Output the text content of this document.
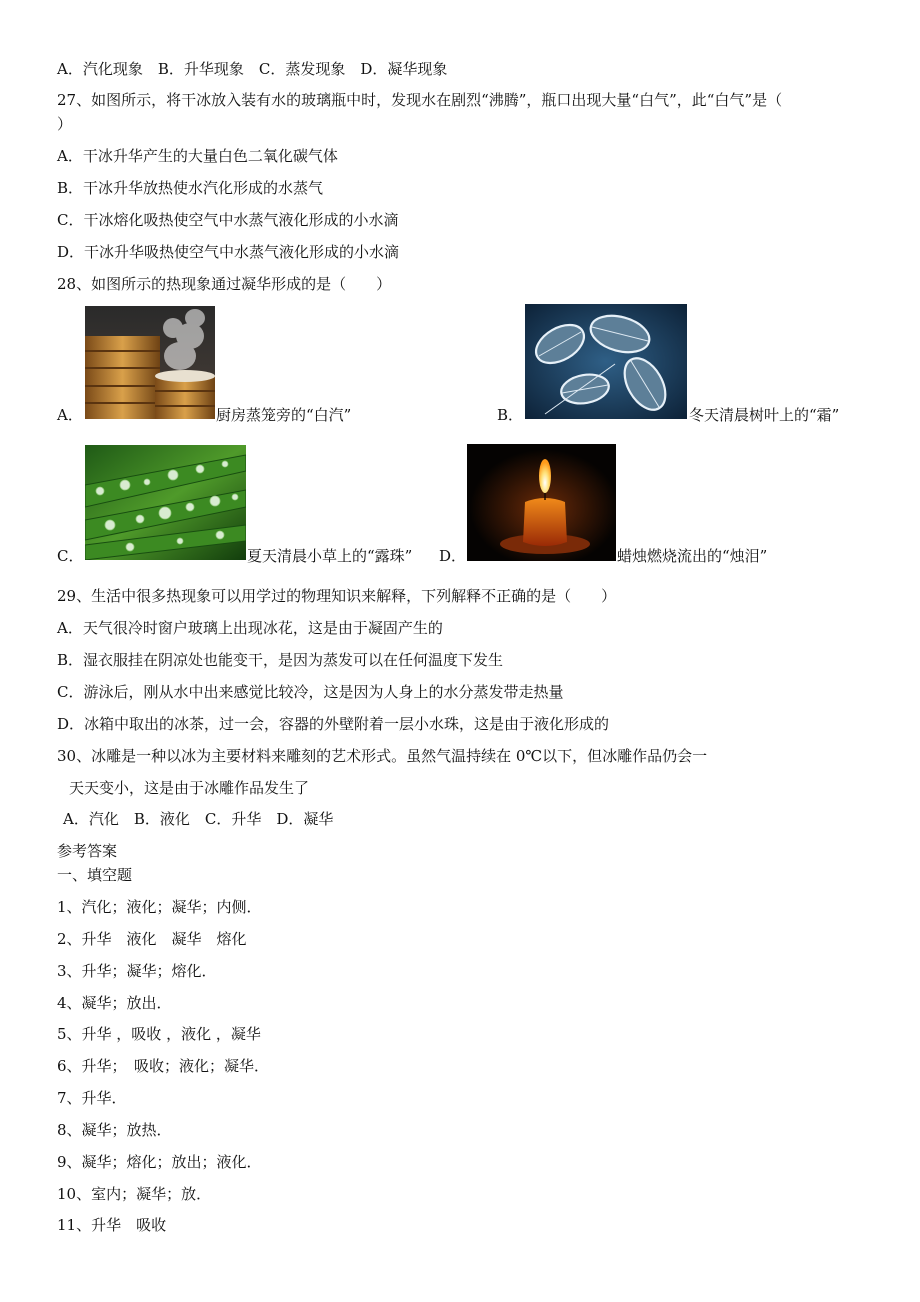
A．汽化现象　B．升华现象　C．蒸发现象　D．凝华现象
27、如图所示，将干冰放入装有水的玻璃瓶中时，发现水在剧烈“沸腾”，瓶口出现大量“白气”，此“白气”是（
）
A．干冰升华产生的大量白色二氧化碳气体
B．干冰升华放热使水汽化形成的水蒸气
C．干冰熔化吸热使空气中水蒸气液化形成的小水滴
D．干冰升华吸热使空气中水蒸气液化形成的小水滴
28、如图所示的热现象通过凝华形成的是（　　）
A．	厨房蒸笼旁的“白汽”	B．	冬天清晨树叶上的“霜”
C．	夏天清晨小草上的“露珠” D．	蜡烛燃烧流出的“烛泪”
29、生活中很多热现象可以用学过的物理知识来解释，下列解释不正确的是（　　）
A．天气很冷时窗户玻璃上出现冰花，这是由于凝固产生的
B．湿衣服挂在阴凉处也能变干，是因为蒸发可以在任何温度下发生
C．游泳后，刚从水中出来感觉比较冷，这是因为人身上的水分蒸发带走热量
D．冰箱中取出的冰茶，过一会，容器的外壁附着一层小水珠，这是由于液化形成的
30、冰雕是一种以冰为主要材料来雕刻的艺术形式。虽然气温持续在 0℃以下，但冰雕作品仍会一
天天变小，这是由于冰雕作品发生了
A．汽化　B．液化　C．升华　D．凝华
参考答案
一、填空题
1、汽化；液化；凝华；内侧．
2、升华　液化　凝华　熔化
3、升华；凝华；熔化．
4、凝华；放出．
5、升华 ，吸收 ，液化 ，凝华
6、升华；　吸收；液化；凝华．
7、升华．
8、凝华；放热．
9、凝华；熔化；放出；液化．
10、室内；凝华；放．
11、升华　吸收
